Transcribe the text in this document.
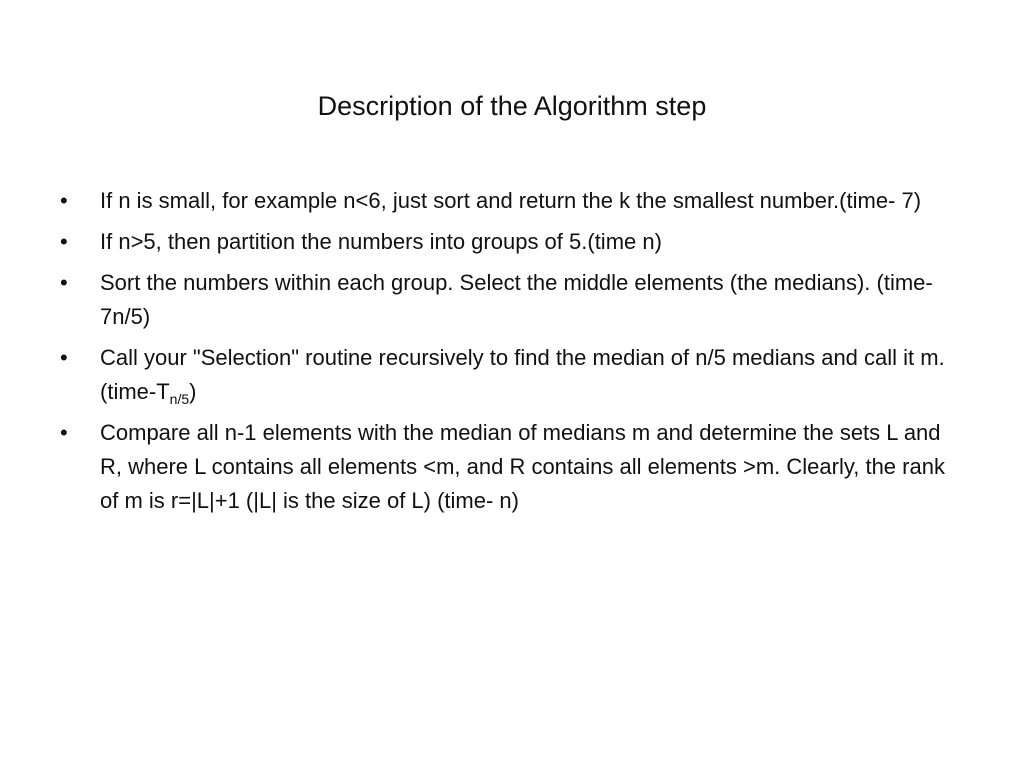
Description of the Algorithm step
•	If n is small, for example n<6, just sort and return the k the smallest number.(time- 7)
•	If n>5, then partition the numbers into groups of 5.(time n)
•	Sort the numbers within each group. Select the middle elements (the medians). (time- 7n/5)
•	Call your "Selection" routine recursively to find the median of n/5 medians and call it m. $(time-T_{n/5})$
•	Compare all n-1 elements with the median of medians m and determine the sets L and R, where L contains all elements <m, and R contains all elements >m. Clearly, the rank of m is r=|L|+1 (|L| is the size of L) (time- n)
